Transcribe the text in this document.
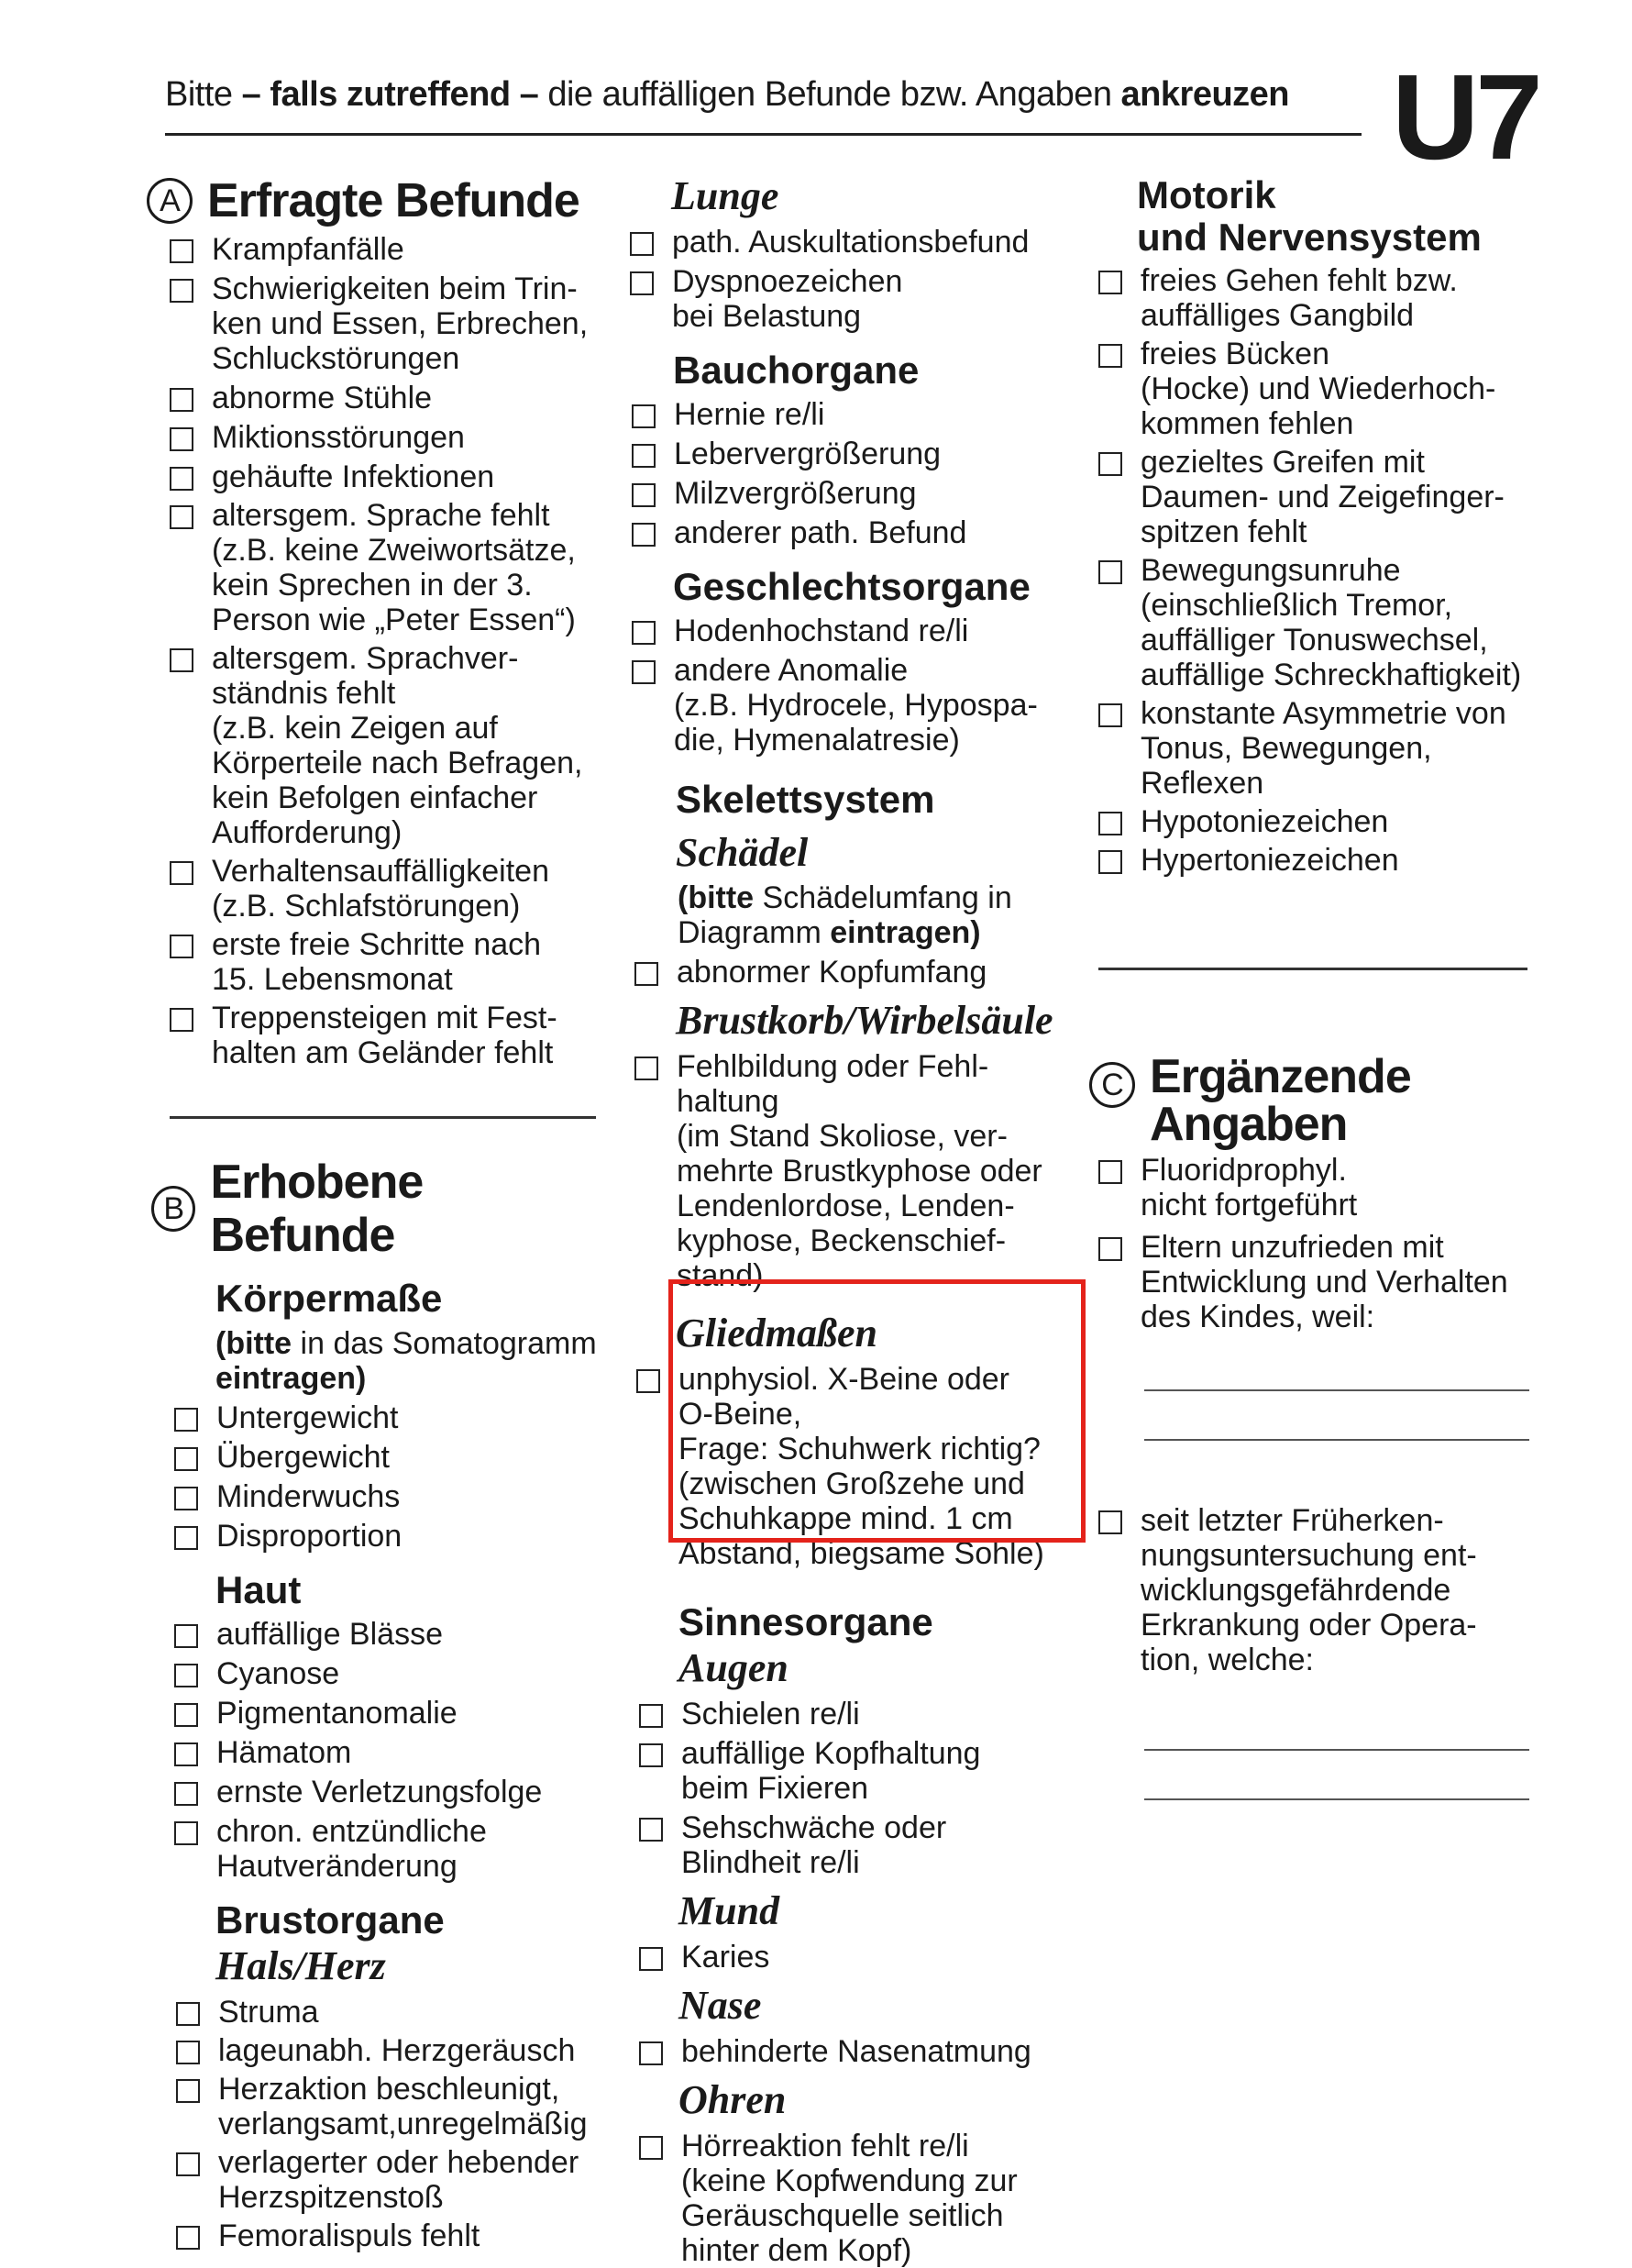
Bitte – falls zutreffend – die auffälligen Befunde bzw. Angaben ankreuzen U7
A Erfragte Befunde
Krampfanfälle
Schwierigkeiten beim Trin-
ken und Essen, Erbrechen,
Schluckstörungen
abnorme Stühle
Miktionsstörungen
gehäufte Infektionen
altersgem. Sprache fehlt
(z.B. keine Zweiwortsätze,
kein Sprechen in der 3.
Person wie „Peter Essen“)
altersgem. Sprachver-
ständnis fehlt
(z.B. kein Zeigen auf
Körperteile nach Befragen,
kein Befolgen einfacher
Aufforderung)
Verhaltensauffälligkeiten
(z.B. Schlafstörungen)
erste freie Schritte nach
15. Lebensmonat
Treppensteigen mit Fest-
halten am Geländer fehlt
B Erhobene Befunde
Körpermaße
(bitte in das Somatogramm
eintragen)
Untergewicht
Übergewicht
Minderwuchs
Disproportion
Haut
auffällige Blässe
Cyanose
Pigmentanomalie
Hämatom
ernste Verletzungsfolge
chron. entzündliche
Hautveränderung
Brustorgane
Hals/Herz
Struma
lageunabh. Herzgeräusch
Herzaktion beschleunigt,
verlangsamt,unregelmäßig
verlagerter oder hebender
Herzspitzenstoß
Femoralispuls fehlt
Lunge
path. Auskultationsbefund
Dyspnoezeichen
bei Belastung
Bauchorgane
Hernie re/li
Lebervergrößerung
Milzvergrößerung
anderer path. Befund
Geschlechtsorgane
Hodenhochstand re/li
andere Anomalie
(z.B. Hydrocele, Hypospa-
die, Hymenalatresie)
Skelettsystem
Schädel
(bitte Schädelumfang in
Diagramm eintragen)
abnormer Kopfumfang
Brustkorb/Wirbelsäule
Fehlbildung oder Fehl-
haltung
(im Stand Skoliose, ver-
mehrte Brustkyphose oder
Lendenlordose, Lenden-
kyphose, Beckenschief-
stand)
Gliedmaßen
unphysiol. X-Beine oder
O-Beine,
Frage: Schuhwerk richtig?
(zwischen Großzehe und
Schuhkappe mind. 1 cm
Abstand, biegsame Sohle)
Sinnesorgane
Augen
Schielen re/li
auffällige Kopfhaltung
beim Fixieren
Sehschwäche oder
Blindheit re/li
Mund
Karies
Nase
behinderte Nasenatmung
Ohren
Hörreaktion fehlt re/li
(keine Kopfwendung zur
Geräuschquelle seitlich
hinter dem Kopf)
Motorik
und Nervensystem
freies Gehen fehlt bzw.
auffälliges Gangbild
freies Bücken
(Hocke) und Wiederhoch-
kommen fehlen
gezieltes Greifen mit
Daumen- und Zeigefinger-
spitzen fehlt
Bewegungsunruhe
(einschließlich Tremor,
auffälliger Tonuswechsel,
auffällige Schreckhaftigkeit)
konstante Asymmetrie von
Tonus, Bewegungen,
Reflexen
Hypotoniezeichen
Hypertoniezeichen
C Ergänzende
Angaben
Fluoridprophyl.
nicht fortgeführt
Eltern unzufrieden mit
Entwicklung und Verhalten
des Kindes, weil:
seit letzter Früherken-
nungsuntersuchung ent-
wicklungsgefährdende
Erkrankung oder Opera-
tion, welche:
